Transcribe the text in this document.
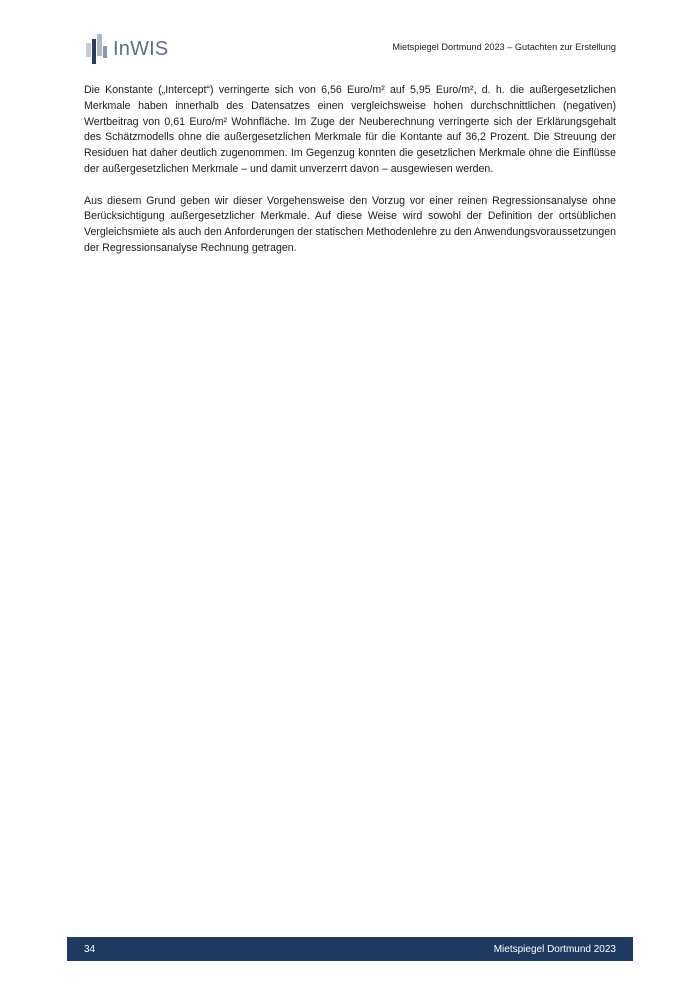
InWIS	Mietspiegel Dortmund 2023 – Gutachten zur Erstellung

Die Konstante („Intercept“) verringerte sich von 6,56 Euro/m² auf 5,95 Euro/m², d. h. die außergesetzlichen Merkmale haben innerhalb des Datensatzes einen vergleichsweise hohen durchschnittlichen (negativen) Wertbeitrag von 0,61 Euro/m² Wohnfläche. Im Zuge der Neuberechnung verringerte sich der Erklärungsgehalt des Schätzmodells ohne die außergesetzlichen Merkmale für die Kontante auf 36,2 Prozent. Die Streuung der Residuen hat daher deutlich zugenommen. Im Gegenzug konnten die gesetzlichen Merkmale ohne die Einflüsse der außergesetzlichen Merkmale – und damit unverzerrt davon – ausgewiesen werden.

Aus diesem Grund geben wir dieser Vorgehensweise den Vorzug vor einer reinen Regressionsanalyse ohne Berücksichtigung außergesetzlicher Merkmale. Auf diese Weise wird sowohl der Definition der ortsüblichen Vergleichsmiete als auch den Anforderungen der statischen Methodenlehre zu den Anwendungsvoraussetzungen der Regressionsanalyse Rechnung getragen.

34	Mietspiegel Dortmund 2023
